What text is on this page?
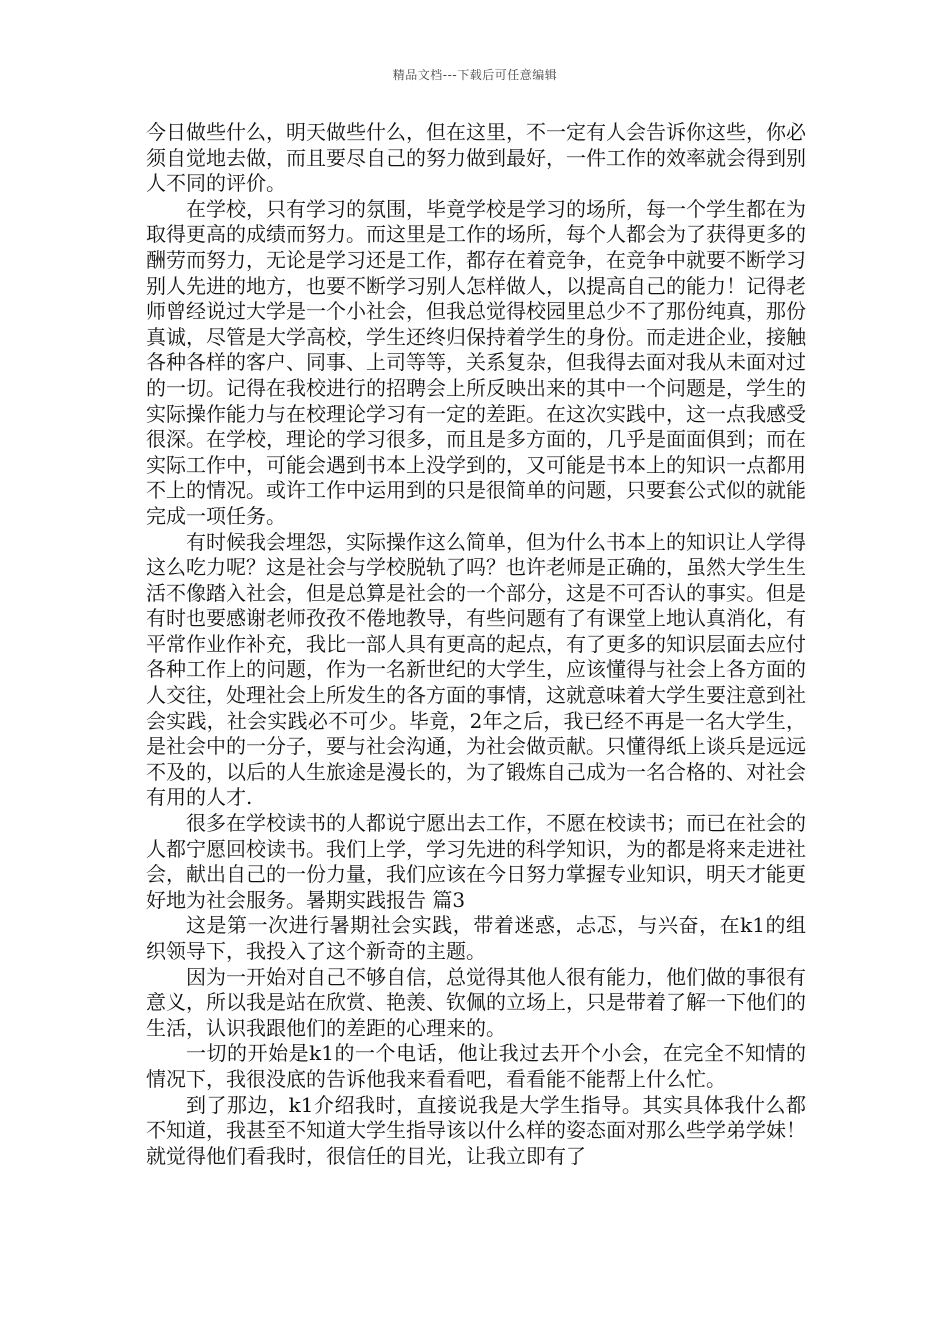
精品文档---下载后可任意编辑

今日做些什么，明天做些什么，但在这里，不一定有人会告诉你这些，你必须自觉地去做，而且要尽自己的努力做到最好，一件工作的效率就会得到别人不同的评价。

在学校，只有学习的氛围，毕竟学校是学习的场所，每一个学生都在为取得更高的成绩而努力。而这里是工作的场所，每个人都会为了获得更多的酬劳而努力，无论是学习还是工作，都存在着竞争，在竞争中就要不断学习别人先进的地方，也要不断学习别人怎样做人，以提高自己的能力！记得老师曾经说过大学是一个小社会，但我总觉得校园里总少不了那份纯真，那份真诚，尽管是大学高校，学生还终归保持着学生的身份。而走进企业，接触各种各样的客户、同事、上司等等，关系复杂，但我得去面对我从未面对过的一切。记得在我校进行的招聘会上所反映出来的其中一个问题是，学生的实际操作能力与在校理论学习有一定的差距。在这次实践中，这一点我感受很深。在学校，理论的学习很多，而且是多方面的，几乎是面面俱到；而在实际工作中，可能会遇到书本上没学到的，又可能是书本上的知识一点都用不上的情况。或许工作中运用到的只是很简单的问题，只要套公式似的就能完成一项任务。

有时候我会埋怨，实际操作这么简单，但为什么书本上的知识让人学得这么吃力呢？这是社会与学校脱轨了吗？也许老师是正确的，虽然大学生生活不像踏入社会，但是总算是社会的一个部分，这是不可否认的事实。但是有时也要感谢老师孜孜不倦地教导，有些问题有了有课堂上地认真消化，有平常作业作补充，我比一部人具有更高的起点，有了更多的知识层面去应付各种工作上的问题，作为一名新世纪的大学生，应该懂得与社会上各方面的人交往，处理社会上所发生的各方面的事情，这就意味着大学生要注意到社会实践，社会实践必不可少。毕竟，2年之后，我已经不再是一名大学生，是社会中的一分子，要与社会沟通，为社会做贡献。只懂得纸上谈兵是远远不及的，以后的人生旅途是漫长的，为了锻炼自己成为一名合格的、对社会有用的人才.

很多在学校读书的人都说宁愿出去工作，不愿在校读书；而已在社会的人都宁愿回校读书。我们上学，学习先进的科学知识，为的都是将来走进社会，献出自己的一份力量，我们应该在今日努力掌握专业知识，明天才能更好地为社会服务。暑期实践报告 篇3

这是第一次进行暑期社会实践，带着迷惑，忐忑，与兴奋，在k1的组织领导下，我投入了这个新奇的主题。

因为一开始对自己不够自信，总觉得其他人很有能力，他们做的事很有意义，所以我是站在欣赏、艳羡、钦佩的立场上，只是带着了解一下他们的生活，认识我跟他们的差距的心理来的。

一切的开始是k1的一个电话，他让我过去开个小会，在完全不知情的情况下，我很没底的告诉他我来看看吧，看看能不能帮上什么忙。

到了那边，k1介绍我时，直接说我是大学生指导。其实具体我什么都不知道，我甚至不知道大学生指导该以什么样的姿态面对那么些学弟学妹！就觉得他们看我时，很信任的目光，让我立即有了
